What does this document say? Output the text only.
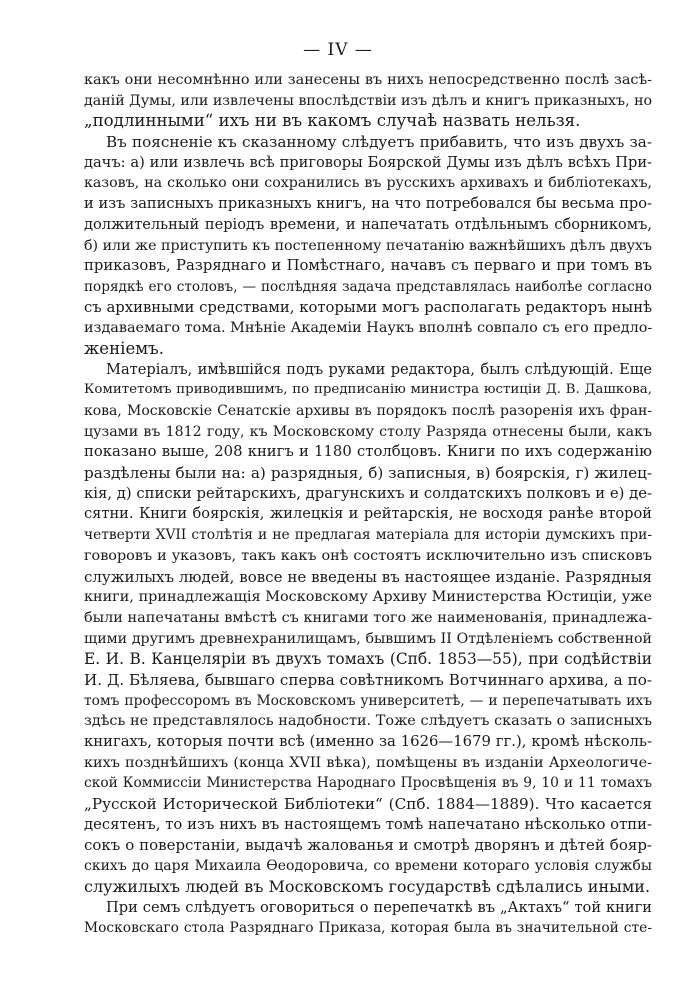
— IV —
какъ они несомнѣнно или занесены въ нихъ непосредственно послѣ засѣ-
даній Думы, или извлечены впослѣдствіи изъ дѣлъ и книгъ приказныхъ, но
„подлинными“ ихъ ни въ какомъ случаѣ назвать нельзя.
Въ поясненіе къ сказанному слѣдуетъ прибавить, что изъ двухъ за-
дачъ: а) или извлечь всѣ приговоры Боярской Думы изъ дѣлъ всѣхъ При-
казовъ, на сколько они сохранились въ русскихъ архивахъ и библіотекахъ,
и изъ записныхъ приказныхъ книгъ, на что потребовался бы весьма про-
должительный періодъ времени, и напечатать отдѣльнымъ сборникомъ,
б) или же приступить къ постепенному печатанію важнѣйшихъ дѣлъ двухъ
приказовъ, Разряднаго и Помѣстнаго, начавъ съ перваго и при томъ въ
порядкѣ его столовъ, — послѣдняя задача представлялась наиболѣе согласно
съ архивными средствами, которыми могъ располагать редакторъ нынѣ
издаваемаго тома. Мнѣніе Академіи Наукъ вполнѣ совпало съ его предло-
женіемъ.
Матеріалъ, имѣвшійся подъ руками редактора, былъ слѣдующій. Еще
Комитетомъ приводившимъ, по предписанію министра юстиціи Д. В. Дашкова,
кова, Московскіе Сенатскіе архивы въ порядокъ послѣ разоренія ихъ фран-
цузами въ 1812 году, къ Московскому столу Разряда отнесены были, какъ
показано выше, 208 книгъ и 1180 столбцовъ. Книги по ихъ содержанію
раздѣлены были на: а) разрядныя, б) записныя, в) боярскія, г) жилец-
кія, д) списки рейтарскихъ, драгунскихъ и солдатскихъ полковъ и е) де-
сятни. Книги боярскія, жилецкія и рейтарскія, не восходя ранѣе второй
четверти XVII столѣтія и не предлагая матеріала для исторіи думскихъ при-
говоровъ и указовъ, такъ какъ онѣ состоятъ исключительно изъ списковъ
служилыхъ людей, вовсе не введены въ настоящее изданіе. Разрядныя
книги, принадлежащія Московскому Архиву Министерства Юстиціи, уже
были напечатаны вмѣстѣ съ книгами того же наименованія, принадлежа-
щими другимъ древнехранилищамъ, бывшимъ II Отдѣленіемъ собственной
Е. И. В. Канцеляріи въ двухъ томахъ (Спб. 1853—55), при содѣйствіи
И. Д. Бѣляева, бывшаго сперва совѣтникомъ Вотчиннаго архива, а по-
томъ профессоромъ въ Московскомъ университетѣ, — и перепечатывать ихъ
здѣсь не представлялось надобности. Тоже слѣдуетъ сказать о записныхъ
книгахъ, которыя почти всѣ (именно за 1626—1679 гг.), кромѣ нѣсколь-
кихъ позднѣйшихъ (конца XVII вѣка), помѣщены въ изданіи Археологиче-
ской Коммиссіи Министерства Народнаго Просвѣщенія въ 9, 10 и 11 томахъ
„Русской Исторической Библіотеки“ (Спб. 1884—1889). Что касается
десятенъ, то изъ нихъ въ настоящемъ томѣ напечатано нѣсколько отпи-
сокъ о поверстаніи, выдачѣ жалованья и смотрѣ дворянъ и дѣтей бояр-
скихъ до царя Михаила Ѳеодоровича, со времени котораго условія службы
служилыхъ людей въ Московскомъ государствѣ сдѣлались иными.
При семъ слѣдуетъ оговориться о перепечаткѣ въ „Актахъ“ той книги
Московскаго стола Разряднаго Приказа, которая была въ значительной сте-
